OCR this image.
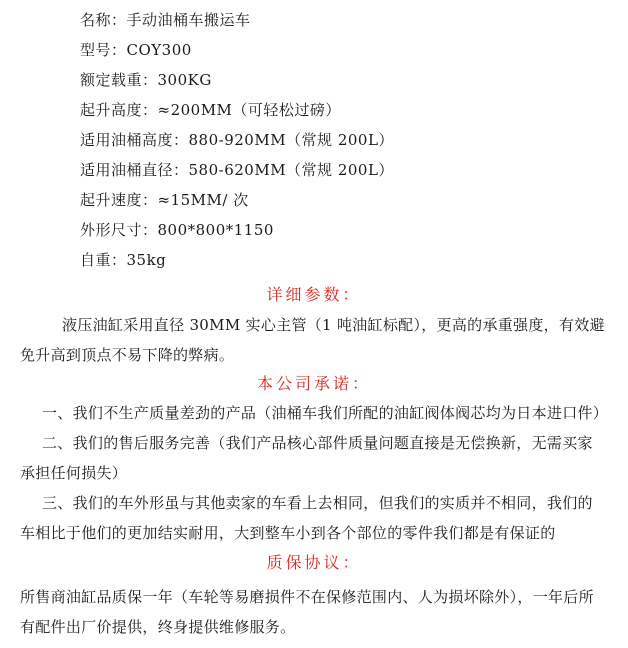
名称：手动油桶车搬运车
型号：COY300
额定载重：300KG
起升高度：≈200MM（可轻松过磅）
适用油桶高度：880-920MM（常规 200L）
适用油桶直径：580-620MM（常规 200L）
起升速度：≈15MM/ 次
外形尺寸：800*800*1150
自重：35kg
详细参数：
液压油缸采用直径 30MM 实心主管（1 吨油缸标配），更高的承重强度，有效避免升高到顶点不易下降的弊病。
本公司承诺：
一、我们不生产质量差劲的产品（油桶车我们所配的油缸阀体阀芯均为日本进口件）
二、我们的售后服务完善（我们产品核心部件质量问题直接是无偿换新，无需买家承担任何损失）
三、我们的车外形虽与其他卖家的车看上去相同，但我们的实质并不相同，我们的车相比于他们的更加结实耐用，大到整车小到各个部位的零件我们都是有保证的
质保协议：
所售商油缸品质保一年（车轮等易磨损件不在保修范围内、人为损坏除外），一年后所有配件出厂价提供，终身提供维修服务。
